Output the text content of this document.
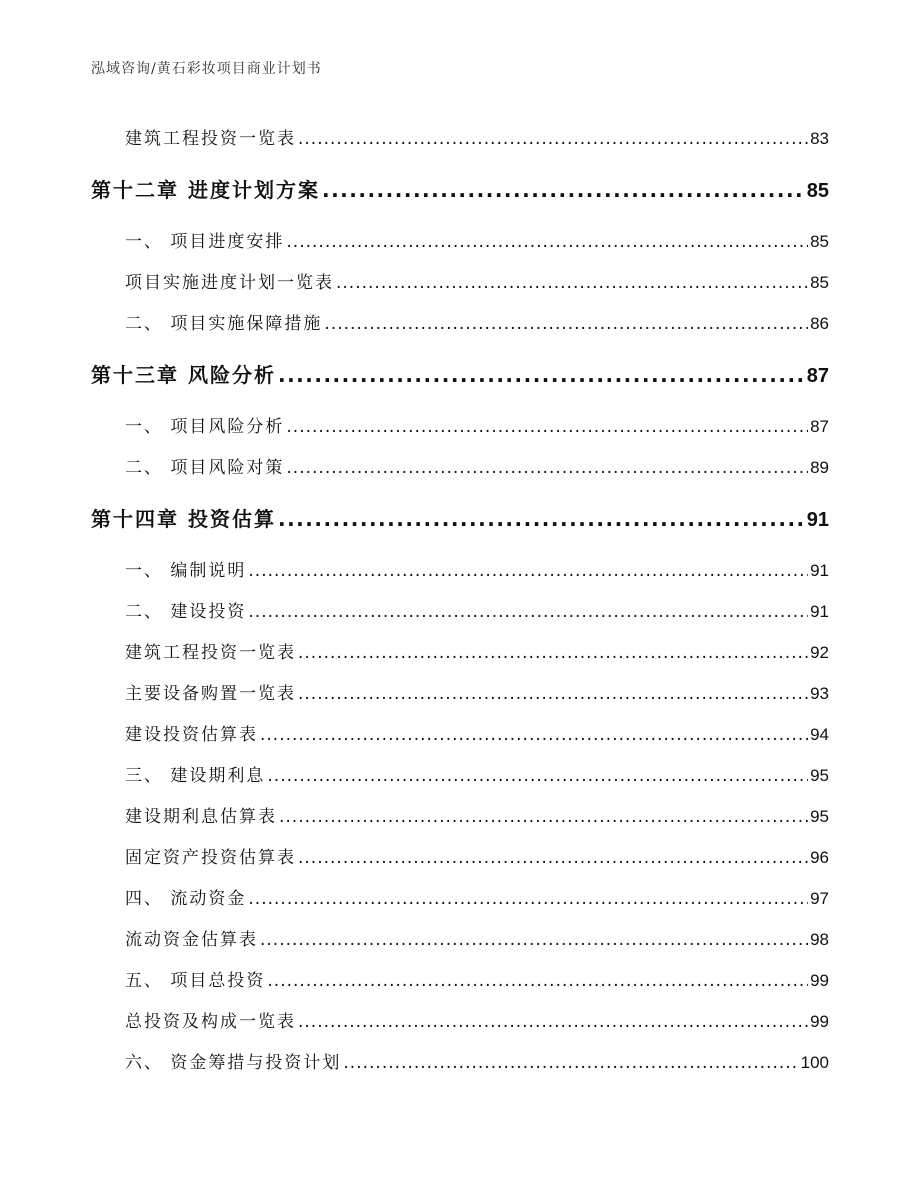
泓域咨询/黄石彩妆项目商业计划书
建筑工程投资一览表 .....	83
第十二章 进度计划方案 .....	85
一、 项目进度安排 .....	85
项目实施进度计划一览表 .....	85
二、 项目实施保障措施 .....	86
第十三章 风险分析 .....	87
一、 项目风险分析 .....	87
二、 项目风险对策 .....	89
第十四章 投资估算 .....	91
一、 编制说明 .....	91
二、 建设投资 .....	91
建筑工程投资一览表 .....	92
主要设备购置一览表 .....	93
建设投资估算表 .....	94
三、 建设期利息 .....	95
建设期利息估算表 .....	95
固定资产投资估算表 .....	96
四、 流动资金 .....	97
流动资金估算表 .....	98
五、 项目总投资 .....	99
总投资及构成一览表 .....	99
六、 资金筹措与投资计划 .....	100
